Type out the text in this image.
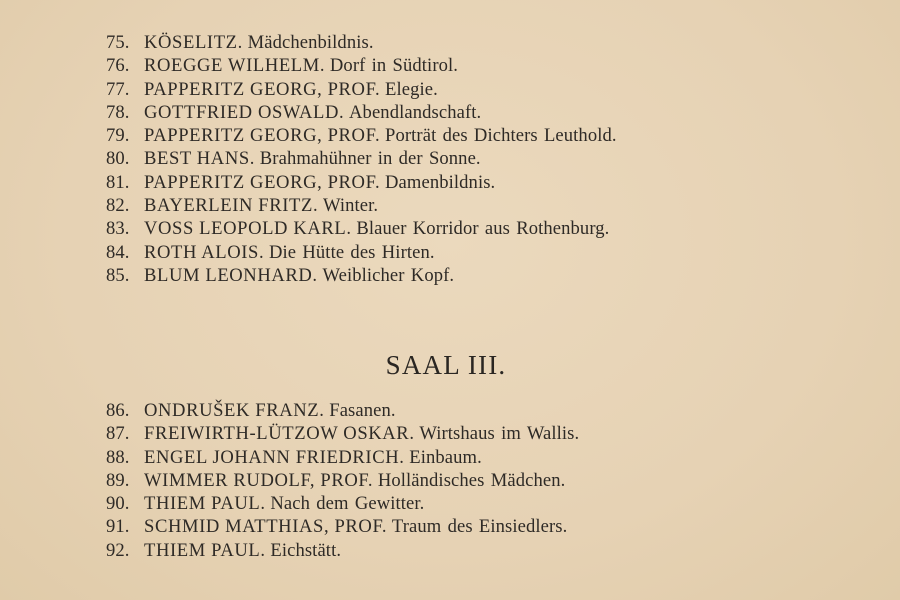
75. KÖSELITZ. Mädchenbildnis.
76. ROEGGE WILHELM. Dorf in Südtirol.
77. PAPPERITZ GEORG, PROF. Elegie.
78. GOTTFRIED OSWALD. Abendlandschaft.
79. PAPPERITZ GEORG, PROF. Porträt des Dichters Leuthold.
80. BEST HANS. Brahmahühner in der Sonne.
81. PAPPERITZ GEORG, PROF. Damenbildnis.
82. BAYERLEIN FRITZ. Winter.
83. VOSS LEOPOLD KARL. Blauer Korridor aus Rothenburg.
84. ROTH ALOIS. Die Hütte des Hirten.
85. BLUM LEONHARD. Weiblicher Kopf.
SAAL III.
86. ONDRUŠEK FRANZ. Fasanen.
87. FREIWIRTH-LÜTZOW OSKAR. Wirtshaus im Wallis.
88. ENGEL JOHANN FRIEDRICH. Einbaum.
89. WIMMER RUDOLF, PROF. Holländisches Mädchen.
90. THIEM PAUL. Nach dem Gewitter.
91. SCHMID MATTHIAS, PROF. Traum des Einsiedlers.
92. THIEM PAUL. Eichstätt.
